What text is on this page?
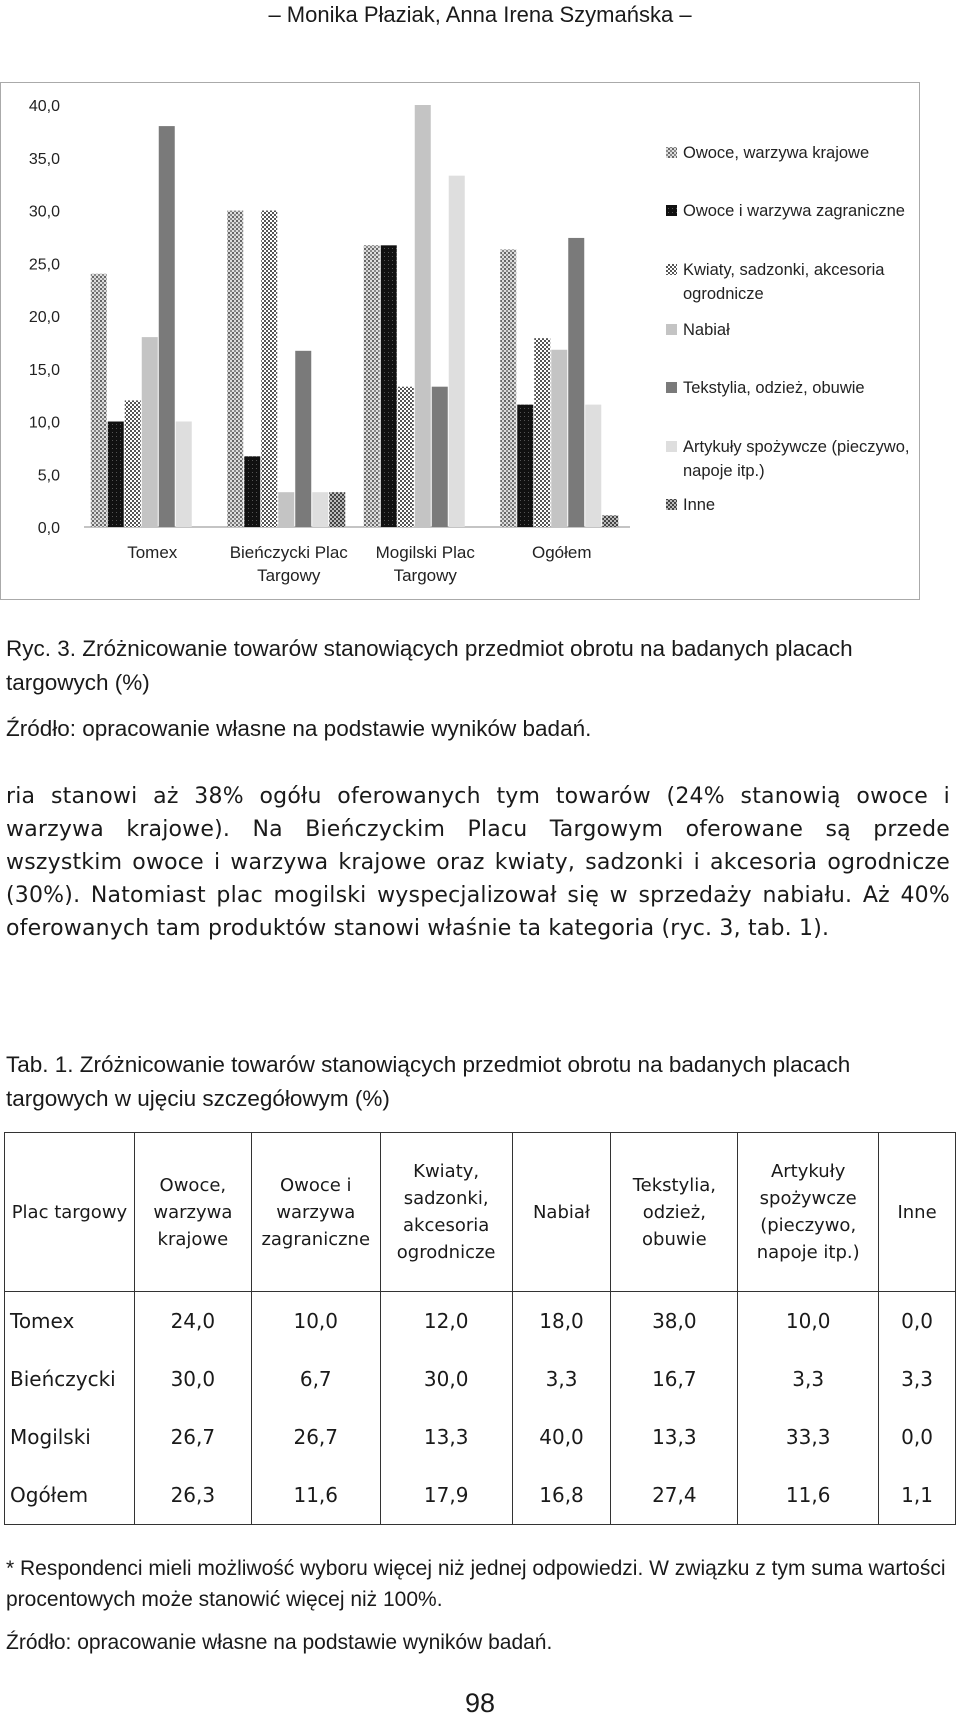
– Monika Płaziak, Anna Irena Szymańska –
0,0
5,0
10,0
15,0
20,0
25,0
30,0
35,0
40,0
Tomex	Bieńczycki Plac Targowy
Mogilski Plac Targowy
Ogółem
Owoce, warzywa krajowe
Owoce i warzywa zagraniczne
Kwiaty, sadzonki, akcesoria ogrodnicze
Nabiał
Tekstylia, odzież, obuwie
Artykuły spożywcze (pieczywo, napoje itp.)
Inne
Ryc. 3. Zróżnicowanie towarów stanowiących przedmiot obrotu na badanych placach targowych (%)
Źródło: opracowanie własne na podstawie wyników badań.
ria stanowi aż 38% ogółu oferowanych tym towarów (24% stanowią owoce i warzywa krajowe). Na Bieńczyckim Placu Targowym oferowane są przede wszystkim owoce i warzywa krajowe oraz kwiaty, sadzonki i akcesoria ogrodnicze (30%). Natomiast plac mogilski wyspecjalizował się w sprzedaży nabiału. Aż 40% oferowanych tam produktów stanowi właśnie ta kategoria (ryc. 3, tab. 1).
Tab. 1. Zróżnicowanie towarów stanowiących przedmiot obrotu na badanych placach targowych w ujęciu szczegółowym (%)
Plac targowy	Owoce, warzywa krajowe	Owoce i warzywa zagraniczne	Kwiaty, sadzonki, akcesoria ogrodnicze	Nabiał	Tekstylia, odzież, obuwie	Artykuły spożywcze (pieczywo, napoje itp.)	Inne
Tomex	24,0	10,0	12,0	18,0	38,0	10,0	0,0
Bieńczycki	30,0	6,7	30,0	3,3	16,7	3,3	3,3
Mogilski	26,7	26,7	13,3	40,0	13,3	33,3	0,0
Ogółem	26,3	11,6	17,9	16,8	27,4	11,6	1,1
* Respondenci mieli możliwość wyboru więcej niż jednej odpowiedzi. W związku z tym suma wartości procentowych może stanowić więcej niż 100%.
Źródło: opracowanie własne na podstawie wyników badań.
98
